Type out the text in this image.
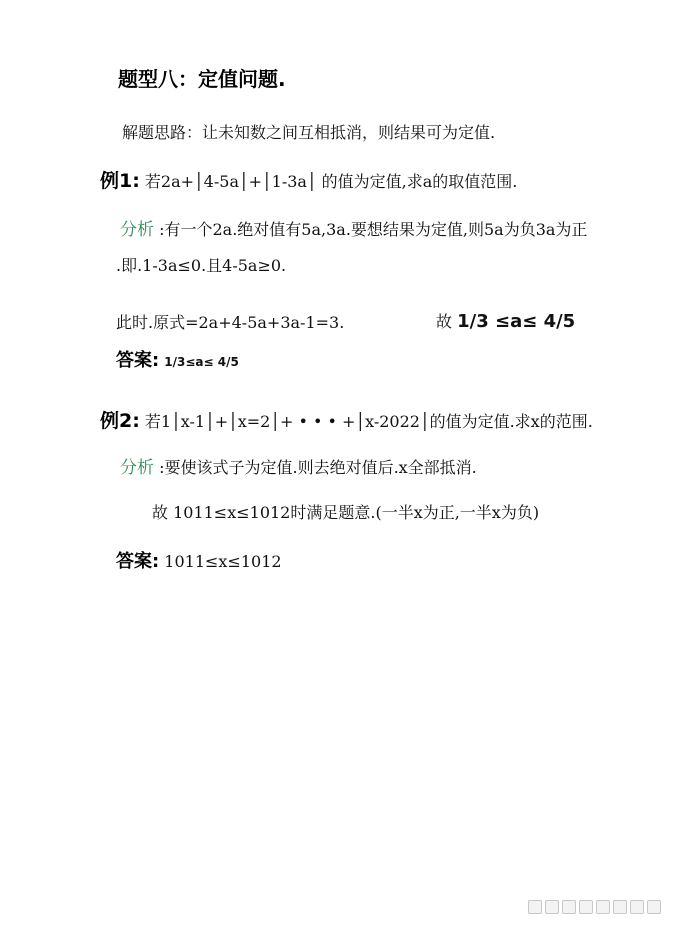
题型八：定值问题.
解题思路：让未知数之间互相抵消，则结果可为定值.
例1: 若2a+│4-5a│+│1-3a│ 的值为定值,求a的取值范围.
分析 :有一个2a.绝对值有5a,3a.要想结果为定值,则5a为负3a为正
.即.1-3a≤0.且4-5a≥0.
此时.原式=2a+4-5a+3a-1=3.	故 1/3 ≤a≤ 4/5
答案: 1/3≤a≤ 4/5
例2: 若1│x-1│+│x=2│+ • • • +│x-2022│的值为定值.求x的范围.
分析 :要使该式子为定值.则去绝对值后.x全部抵消.
故 1011≤x≤1012时满足题意.(一半x为正,一半x为负)
答案: 1011≤x≤1012
